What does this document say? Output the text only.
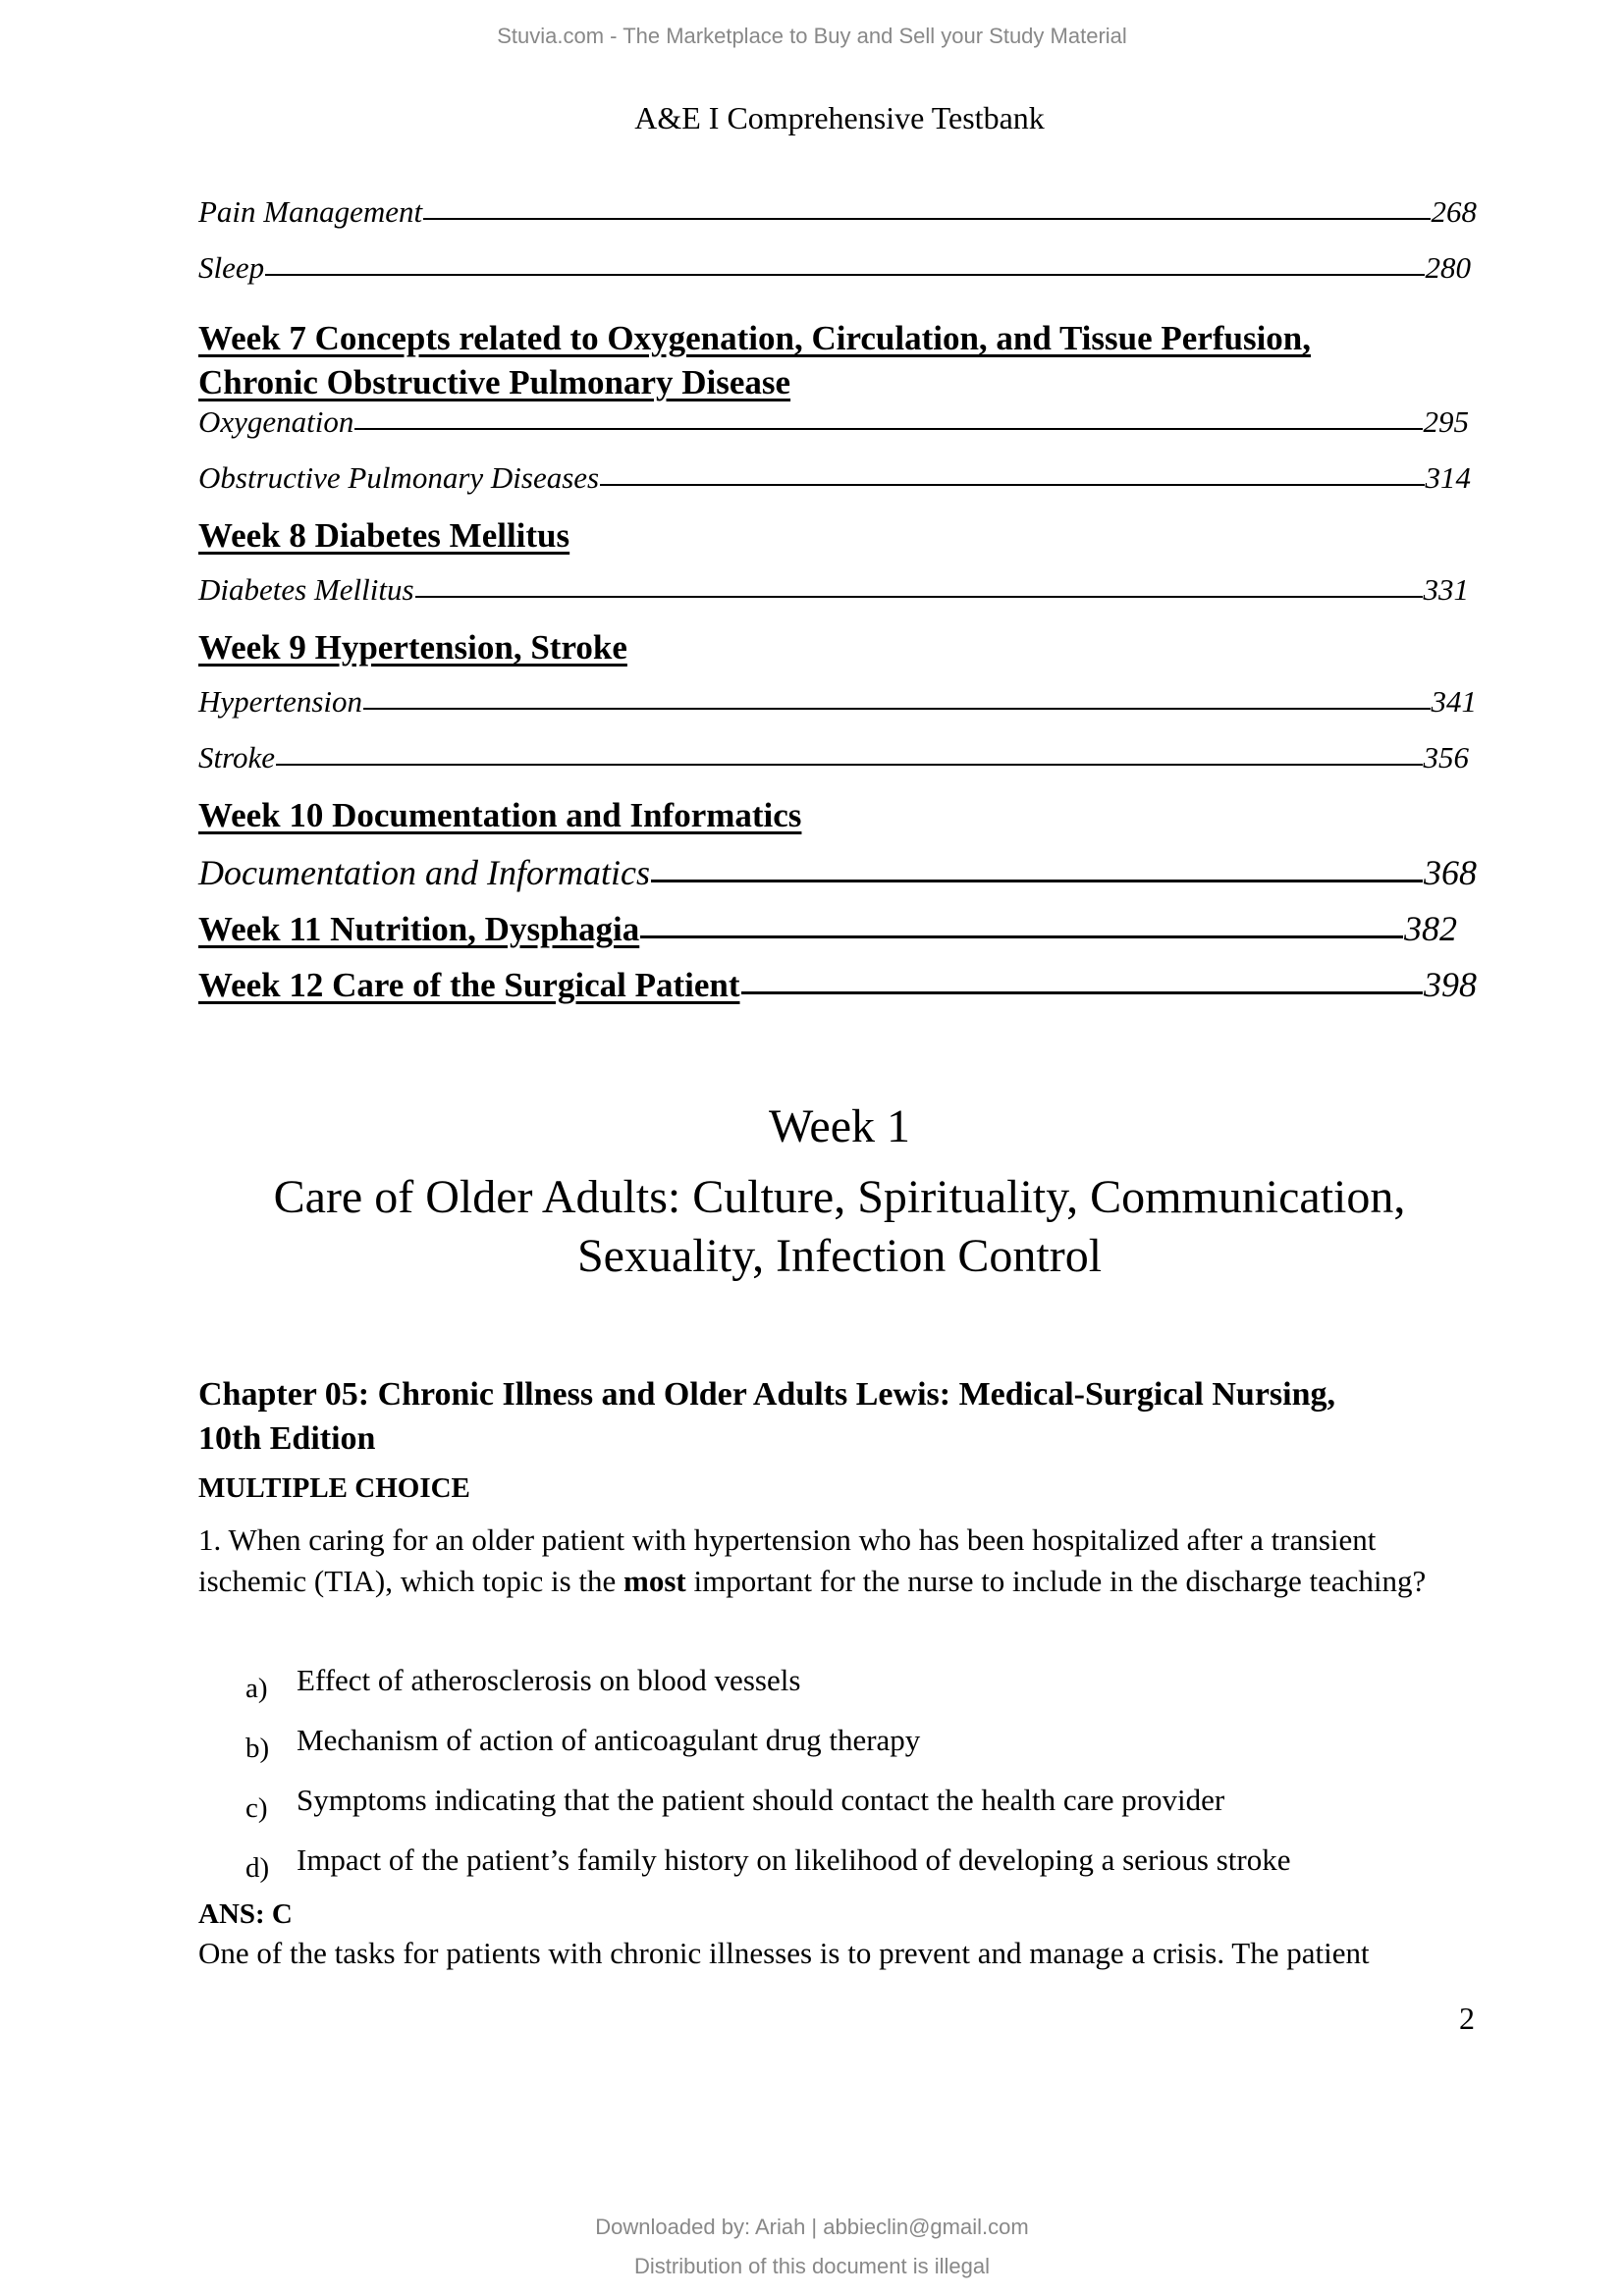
Stuvia.com - The Marketplace to Buy and Sell your Study Material
A&E I Comprehensive Testbank
Pain Management	268
Sleep	280
Week 7 Concepts related to Oxygenation, Circulation, and Tissue Perfusion,
Chronic Obstructive Pulmonary Disease
Oxygenation	295
Obstructive Pulmonary Diseases	314
Week 8 Diabetes Mellitus
Diabetes Mellitus	331
Week 9 Hypertension, Stroke
Hypertension	341
Stroke	356
Week 10 Documentation and Informatics
Documentation and Informatics	368
Week 11 Nutrition, Dysphagia	382
Week 12 Care of the Surgical Patient	398
Week 1
Care of Older Adults: Culture, Spirituality, Communication,
Sexuality, Infection Control
Chapter 05: Chronic Illness and Older Adults Lewis: Medical-Surgical Nursing,
10th Edition
MULTIPLE CHOICE
1. When caring for an older patient with hypertension who has been hospitalized after a transient ischemic (TIA), which topic is the most important for the nurse to include in the discharge teaching?
a) Effect of atherosclerosis on blood vessels
b) Mechanism of action of anticoagulant drug therapy
c) Symptoms indicating that the patient should contact the health care provider
d) Impact of the patient’s family history on likelihood of developing a serious stroke
ANS: C
One of the tasks for patients with chronic illnesses is to prevent and manage a crisis. The patient
2
Downloaded by: Ariah | abbieclin@gmail.com
Distribution of this document is illegal
